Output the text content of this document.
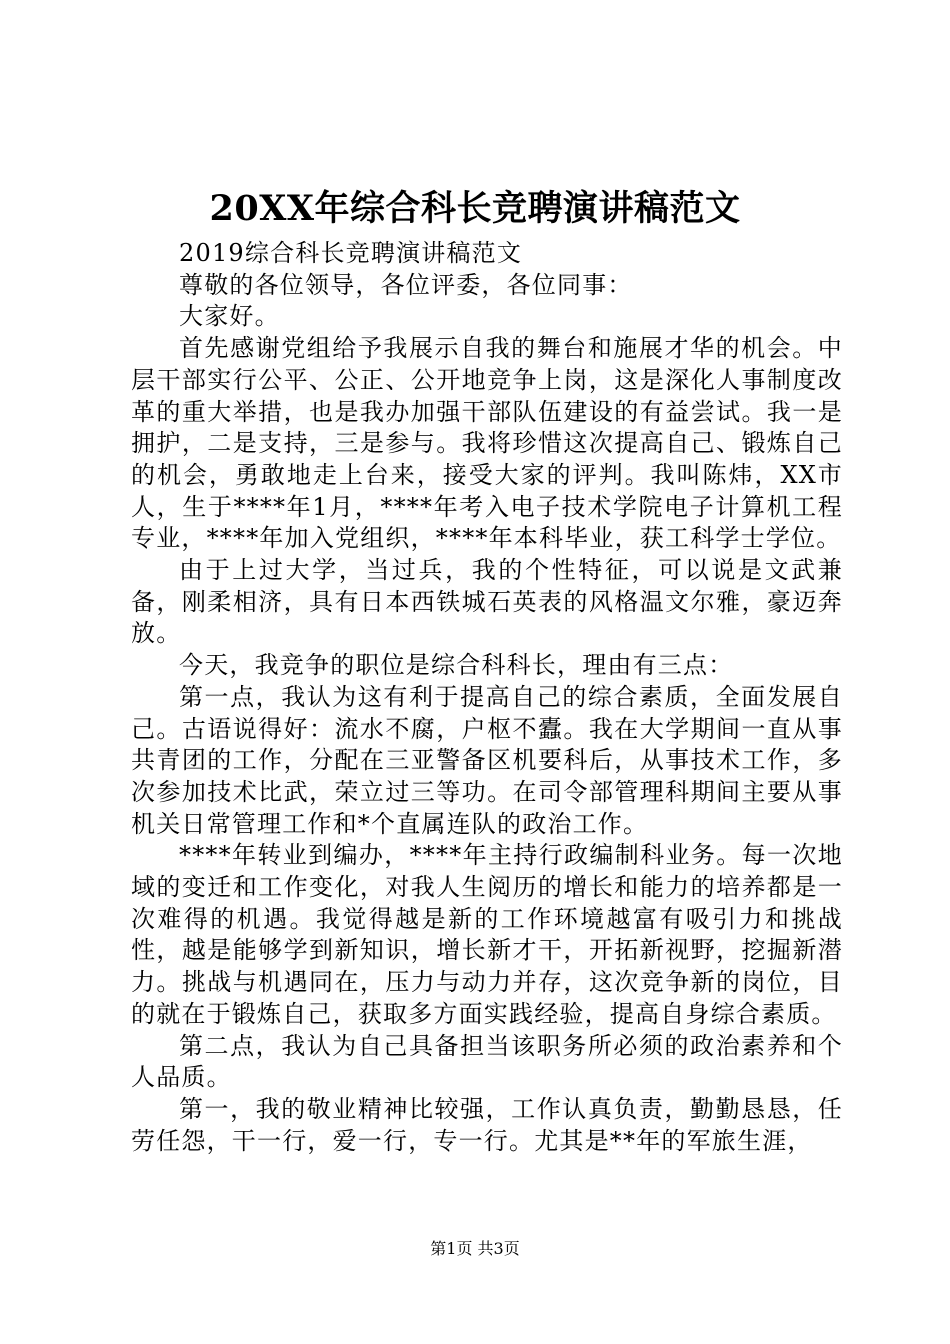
20XX年综合科长竞聘演讲稿范文

2019综合科长竞聘演讲稿范文

尊敬的各位领导，各位评委，各位同事：

大家好。

首先感谢党组给予我展示自我的舞台和施展才华的机会。中层干部实行公平、公正、公开地竞争上岗，这是深化人事制度改革的重大举措，也是我办加强干部队伍建设的有益尝试。我一是拥护，二是支持，三是参与。我将珍惜这次提高自己、锻炼自己的机会，勇敢地走上台来，接受大家的评判。我叫陈炜，XX市人，生于****年1月，****年考入电子技术学院电子计算机工程专业，****年加入党组织，****年本科毕业，获工科学士学位。

由于上过大学，当过兵，我的个性特征，可以说是文武兼备，刚柔相济，具有日本西铁城石英表的风格温文尔雅，豪迈奔放。

今天，我竞争的职位是综合科科长，理由有三点：

第一点，我认为这有利于提高自己的综合素质，全面发展自己。古语说得好：流水不腐，户枢不蠹。我在大学期间一直从事共青团的工作，分配在三亚警备区机要科后，从事技术工作，多次参加技术比武，荣立过三等功。在司令部管理科期间主要从事机关日常管理工作和*个直属连队的政治工作。

****年转业到编办，****年主持行政编制科业务。每一次地域的变迁和工作变化，对我人生阅历的增长和能力的培养都是一次难得的机遇。我觉得越是新的工作环境越富有吸引力和挑战性，越是能够学到新知识，增长新才干，开拓新视野，挖掘新潜力。挑战与机遇同在，压力与动力并存，这次竞争新的岗位，目的就在于锻炼自己，获取多方面实践经验，提高自身综合素质。

第二点，我认为自己具备担当该职务所必须的政治素养和个人品质。

第一，我的敬业精神比较强，工作认真负责，勤勤恳恳，任劳任怨，干一行，爱一行，专一行。尤其是**年的军旅生涯，

第1页 共3页
